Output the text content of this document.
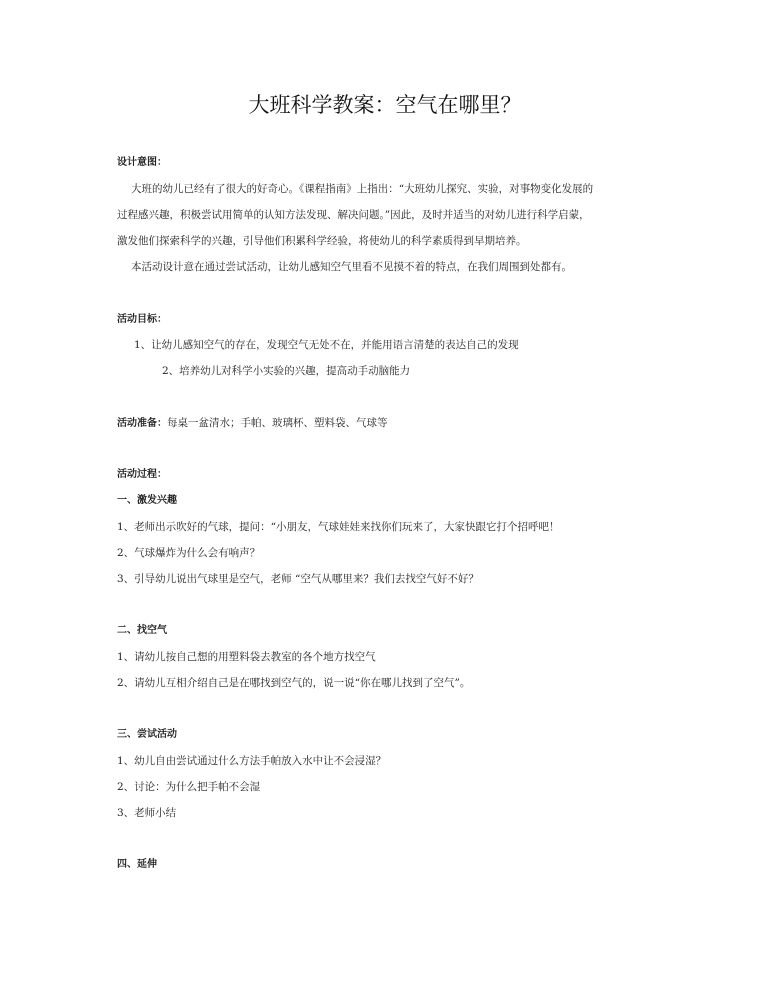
大班科学教案：空气在哪里？
设计意图：
大班的幼儿已经有了很大的好奇心。《课程指南》上指出：“大班幼儿探究、实验，对事物变化发展的
过程感兴趣，积极尝试用简单的认知方法发现、解决问题。”因此，及时并适当的对幼儿进行科学启蒙，
激发他们探索科学的兴趣，引导他们积累科学经验，将使幼儿的科学素质得到早期培养。
本活动设计意在通过尝试活动，让幼儿感知空气里看不见摸不着的特点，在我们周围到处都有。
活动目标：
1、让幼儿感知空气的存在，发现空气无处不在，并能用语言清楚的表达自己的发现
2、培养幼儿对科学小实验的兴趣，提高动手动脑能力
活动准备：每桌一盆清水；手帕、玻璃杯、塑料袋、气球等
活动过程：
一、激发兴趣
1、老师出示吹好的气球，提问：“小朋友，气球娃娃来找你们玩来了，大家快跟它打个招呼吧！
2、气球爆炸为什么会有响声？
3、引导幼儿说出气球里是空气，老师 “空气从哪里来？我们去找空气好不好？
二、找空气
1、请幼儿按自己想的用塑料袋去教室的各个地方找空气
2、请幼儿互相介绍自己是在哪找到空气的，说一说“你在哪儿找到了空气”。
三、尝试活动
1、幼儿自由尝试通过什么方法手帕放入水中让不会浸湿？
2、讨论：为什么把手帕不会湿
3、老师小结
四、延伸
